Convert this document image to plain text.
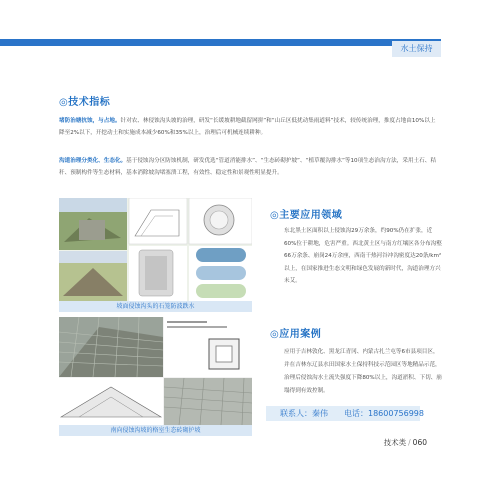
水土保持
◎技术指标

堵防治塘抗蚀，与占地。针对农、林侵蚀沟头坡的治理，研发“长缓坡耕地截留网拼”和“山丘区低扰动集雨道料”技术，较传统治理，推度占地由10%以上降至2%以下，开挖动土和实施成本减少60%和35%以上，治理后可机械连续耕种。

沟道治理分类化、生态化。基于侵蚀沟分区防蚀机制，研发优选“管道消能排水”、“生态砖砌护坡”、“植草覆沟排水”等10项生态治沟方法，采用土石、秸秆、预制构件等生态材料，基本消除坡沟堵塞溃工程，有效性、稳定性和景观性明显提升。

坡面侵蚀沟头的石笼防波跌水
◎主要应用领域
东北黑土区面积以上侵蚀沟29万余条，约90%仍在扩张，近60%位于耕地，危害严重。西北黄土区与南方红壤区各分布沟壑66万余条、崩岗24万余座，西南干热河谷冲沟密度达20条/km²以上，在国家推进生态文明和绿色发展的新时代，沟道治理方兴未艾。
南向侵蚀沟坡的格室生态砖砌护坡
◎应用案例
应用于吉林敦化、黑龙江青冈、内蒙古扎兰屯等6市县项目区，并在吉林东辽县水田国家水土保持科技示范园区等地精品示范，治理后侵蚀沟水土流失强度下降80%以上，沟道淤积、下切、崩塌得到有效控制。
联系人：秦伟 电话：18600756998
技术类 / 060
